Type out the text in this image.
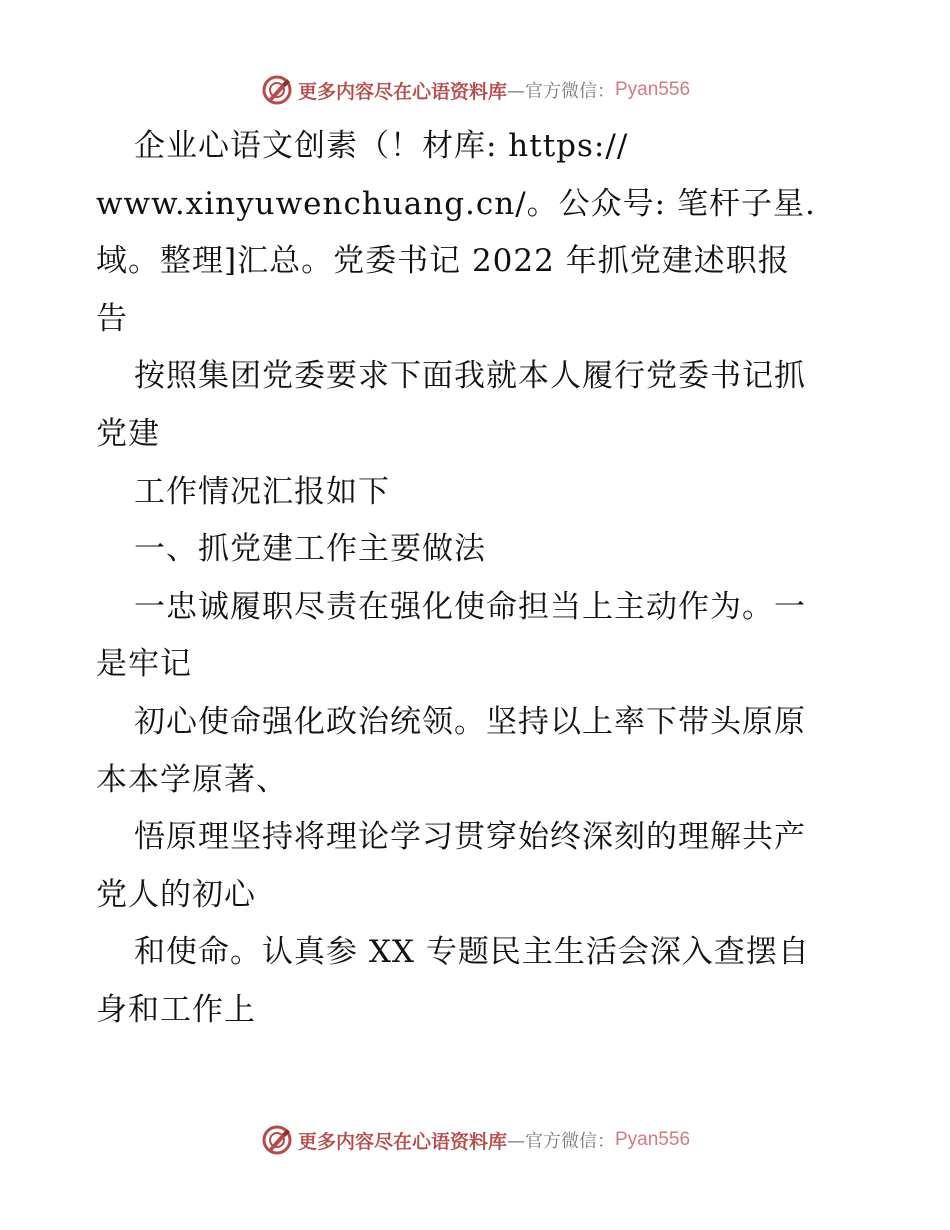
更多内容尽在心语资料库 —官方微信： Pyan556
企业心语文创素（！材库: https://
www.xinyuwenchuang.cn/。公众号: 笔杆子星.
域。整理]汇总。党委书记 2022 年抓党建述职报
告
按照集团党委要求下面我就本人履行党委书记抓
党建
工作情况汇报如下
一、抓党建工作主要做法
一忠诚履职尽责在强化使命担当上主动作为。一
是牢记
初心使命强化政治统领。坚持以上率下带头原原
本本学原著、
悟原理坚持将理论学习贯穿始终深刻的理解共产
党人的初心
和使命。认真参 XX 专题民主生活会深入查摆自
身和工作上
更多内容尽在心语资料库 —官方微信： Pyan556
